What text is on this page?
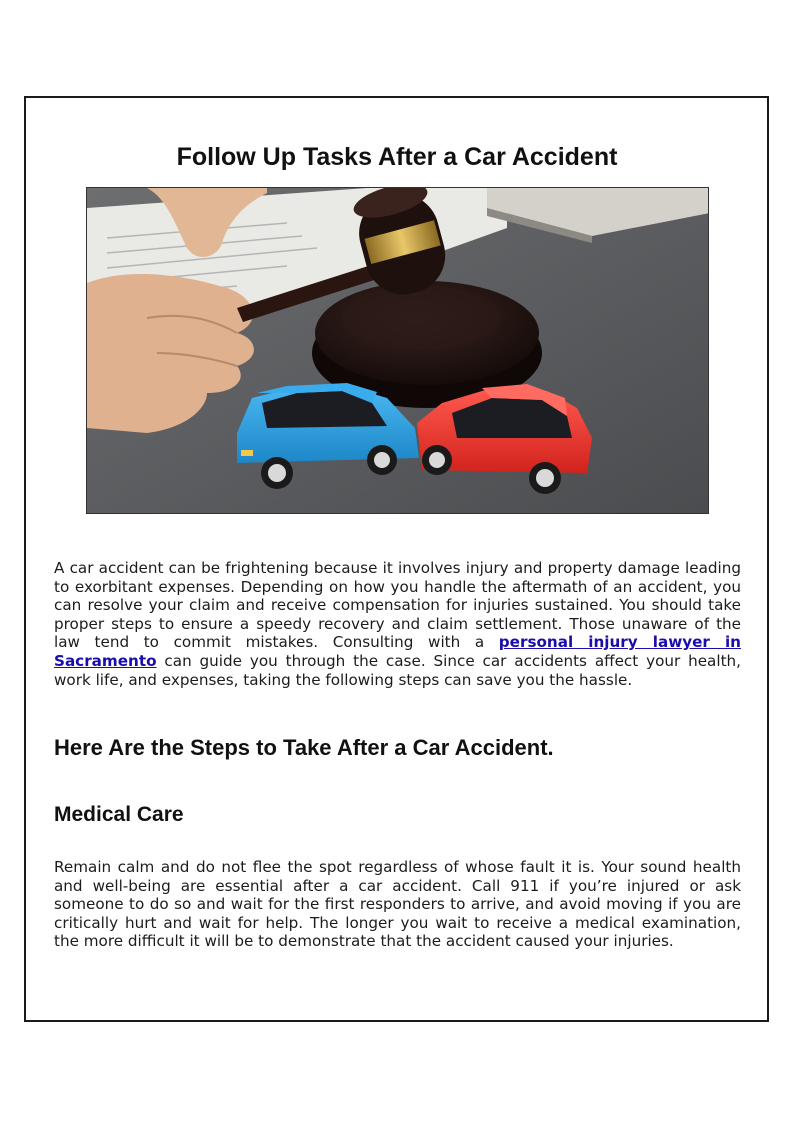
Follow Up Tasks After a Car Accident

A car accident can be frightening because it involves injury and property damage leading to exorbitant expenses. Depending on how you handle the aftermath of an accident, you can resolve your claim and receive compensation for injuries sustained. You should take proper steps to ensure a speedy recovery and claim settlement. Those unaware of the law tend to commit mistakes. Consulting with a personal injury lawyer in Sacramento can guide you through the case. Since car accidents affect your health, work life, and expenses, taking the following steps can save you the hassle.

Here Are the Steps to Take After a Car Accident.
Medical Care

Remain calm and do not flee the spot regardless of whose fault it is. Your sound health and well-being are essential after a car accident. Call 911 if you’re injured or ask someone to do so and wait for the first responders to arrive, and avoid moving if you are critically hurt and wait for help. The longer you wait to receive a medical examination, the more difficult it will be to demonstrate that the accident caused your injuries.
